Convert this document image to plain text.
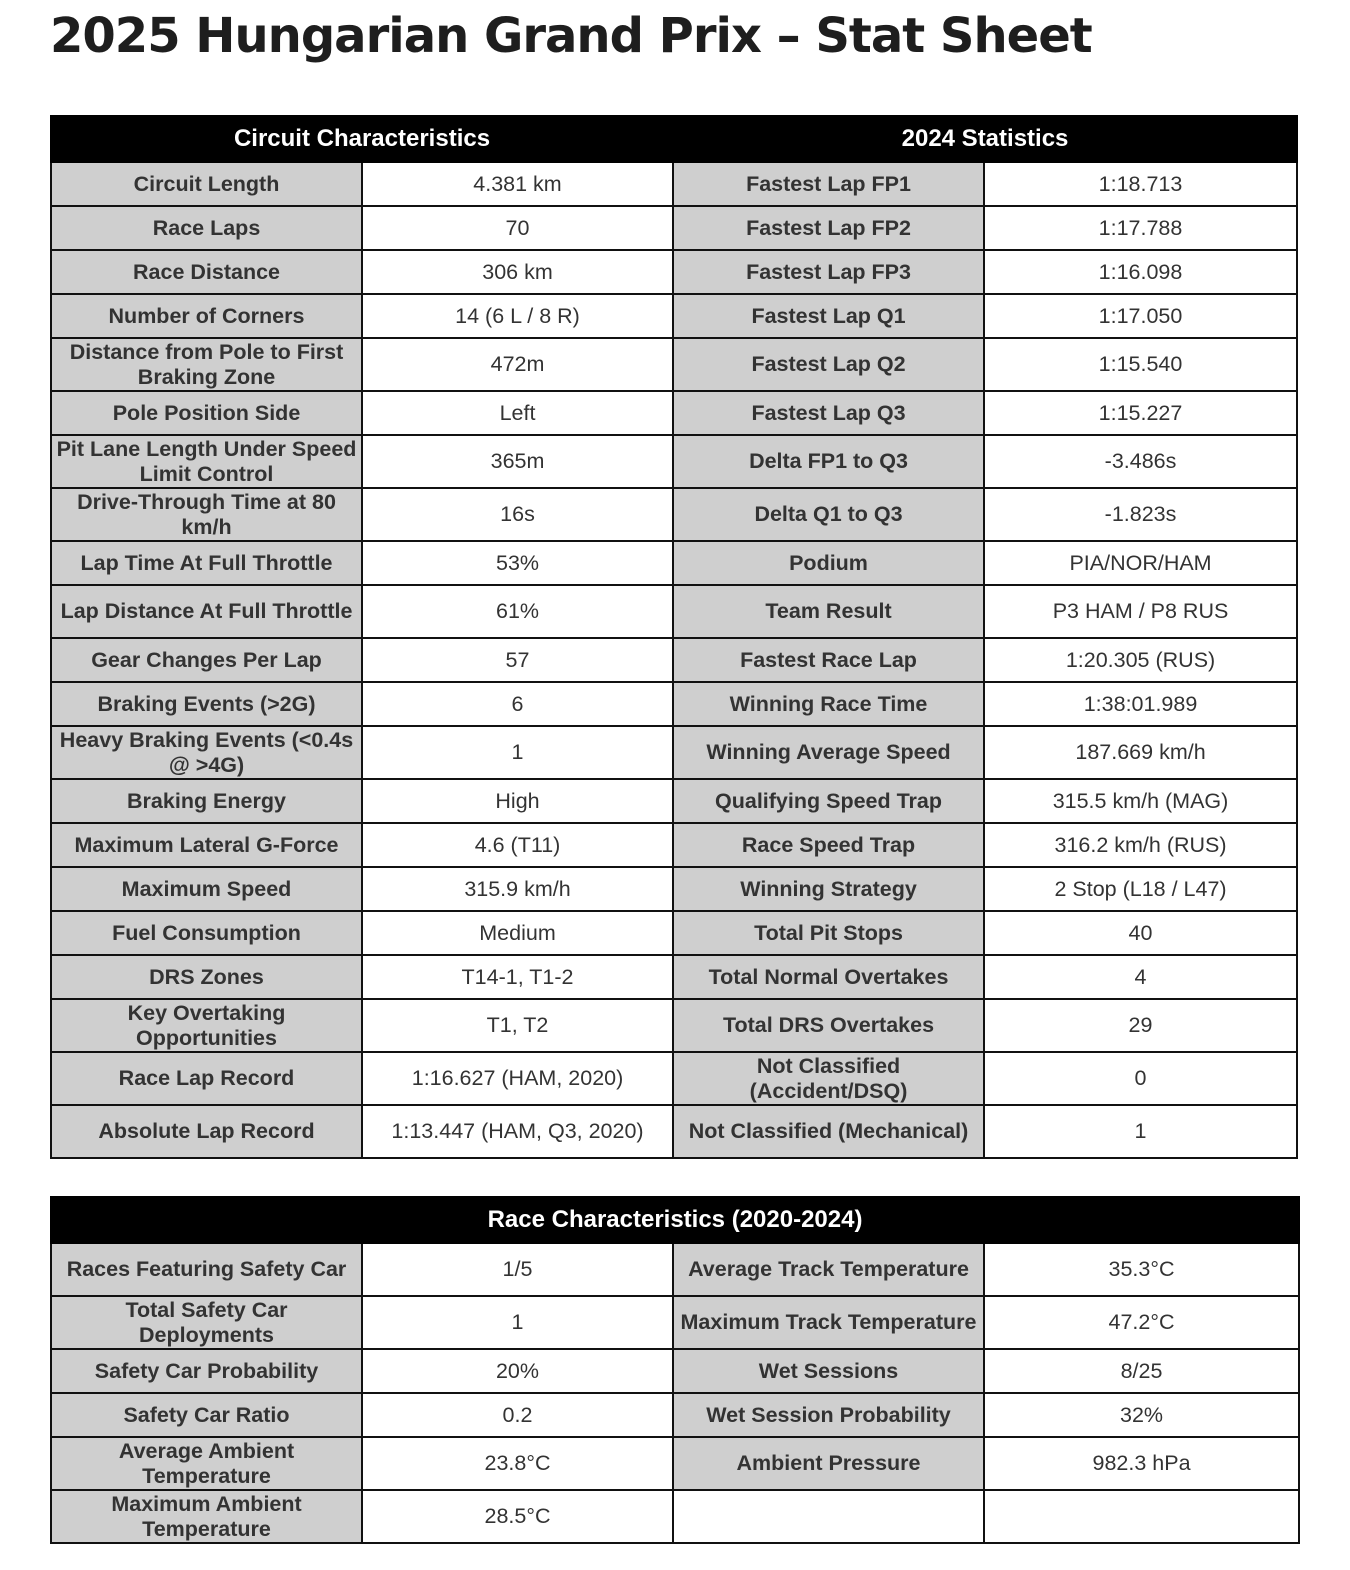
2025 Hungarian Grand Prix – Stat Sheet
Circuit Characteristics		2024 Statistics	
Circuit Length	4.381 km	Fastest Lap FP1	1:18.713
Race Laps	70	Fastest Lap FP2	1:17.788
Race Distance	306 km	Fastest Lap FP3	1:16.098
Number of Corners	14 (6 L / 8 R)	Fastest Lap Q1	1:17.050
Distance from Pole to First Braking Zone	472m	Fastest Lap Q2	1:15.540
Pole Position Side	Left	Fastest Lap Q3	1:15.227
Pit Lane Length Under Speed Limit Control	365m	Delta FP1 to Q3	-3.486s
Drive-Through Time at 80 km/h	16s	Delta Q1 to Q3	-1.823s
Lap Time At Full Throttle	53%	Podium	PIA/NOR/HAM
Lap Distance At Full Throttle	61%	Team Result	P3 HAM / P8 RUS
Gear Changes Per Lap	57	Fastest Race Lap	1:20.305 (RUS)
Braking Events (>2G)	6	Winning Race Time	1:38:01.989
Heavy Braking Events (<0.4s @ >4G)	1	Winning Average Speed	187.669 km/h
Braking Energy	High	Qualifying Speed Trap	315.5 km/h (MAG)
Maximum Lateral G-Force	4.6 (T11)	Race Speed Trap	316.2 km/h (RUS)
Maximum Speed	315.9 km/h	Winning Strategy	2 Stop (L18 / L47)
Fuel Consumption	Medium	Total Pit Stops	40
DRS Zones	T14-1, T1-2	Total Normal Overtakes	4
Key Overtaking Opportunities	T1, T2	Total DRS Overtakes	29
Race Lap Record	1:16.627 (HAM, 2020)	Not Classified (Accident/DSQ)	0
Absolute Lap Record	1:13.447 (HAM, Q3, 2020)	Not Classified (Mechanical)	1
Race Characteristics (2020-2024)			
Races Featuring Safety Car	1/5	Average Track Temperature	35.3°C
Total Safety Car Deployments	1	Maximum Track Temperature	47.2°C
Safety Car Probability	20%	Wet Sessions	8/25
Safety Car Ratio	0.2	Wet Session Probability	32%
Average Ambient Temperature	23.8°C	Ambient Pressure	982.3 hPa
Maximum Ambient Temperature	28.5°C		
